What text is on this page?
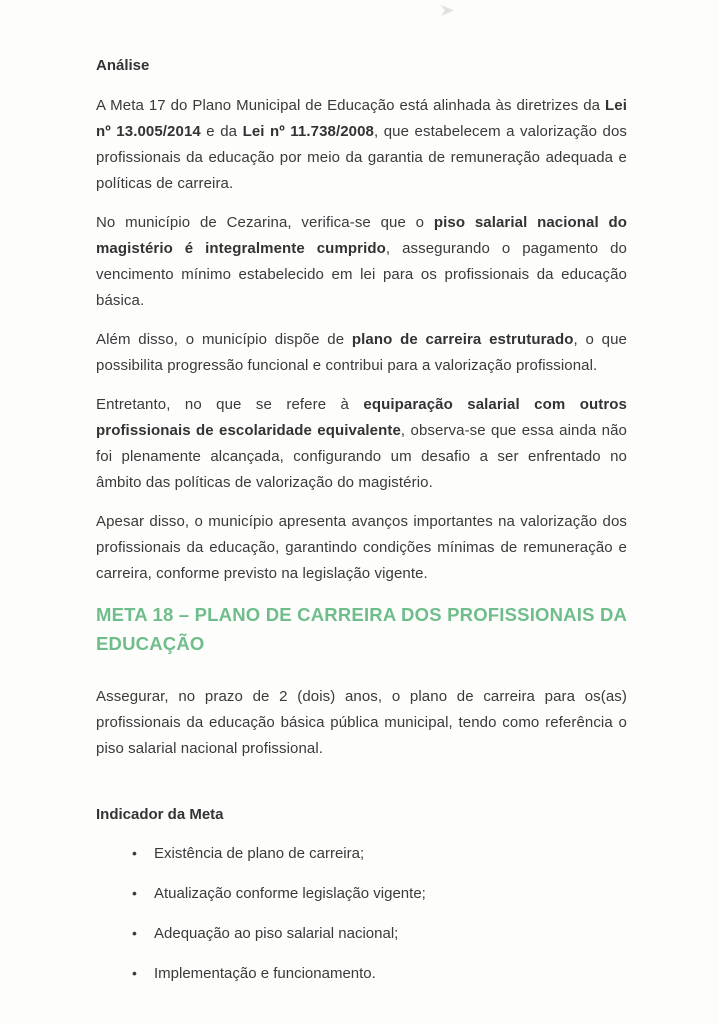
Análise

A Meta 17 do Plano Municipal de Educação está alinhada às diretrizes da Lei nº 13.005/2014 e da Lei nº 11.738/2008, que estabelecem a valorização dos profissionais da educação por meio da garantia de remuneração adequada e políticas de carreira.

No município de Cezarina, verifica-se que o piso salarial nacional do magistério é integralmente cumprido, assegurando o pagamento do vencimento mínimo estabelecido em lei para os profissionais da educação básica.

Além disso, o município dispõe de plano de carreira estruturado, o que possibilita progressão funcional e contribui para a valorização profissional.

Entretanto, no que se refere à equiparação salarial com outros profissionais de escolaridade equivalente, observa-se que essa ainda não foi plenamente alcançada, configurando um desafio a ser enfrentado no âmbito das políticas de valorização do magistério.

Apesar disso, o município apresenta avanços importantes na valorização dos profissionais da educação, garantindo condições mínimas de remuneração e carreira, conforme previsto na legislação vigente.

META 18 – PLANO DE CARREIRA DOS PROFISSIONAIS DA EDUCAÇÃO

Assegurar, no prazo de 2 (dois) anos, o plano de carreira para os(as) profissionais da educação básica pública municipal, tendo como referência o piso salarial nacional profissional.

Indicador da Meta
•	Existência de plano de carreira;
•	Atualização conforme legislação vigente;
•	Adequação ao piso salarial nacional;
•	Implementação e funcionamento.
